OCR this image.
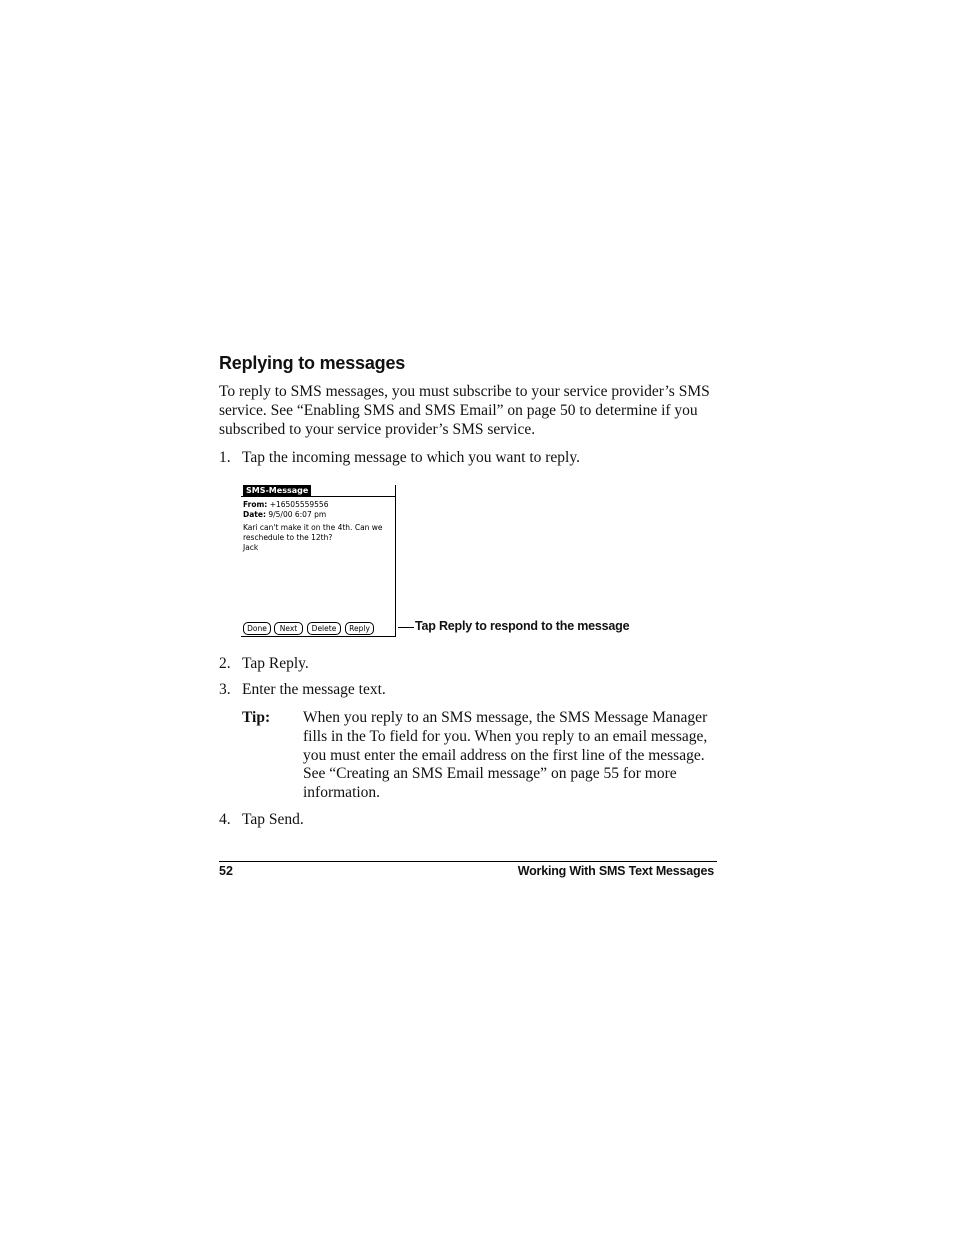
Replying to messages
To reply to SMS messages, you must subscribe to your service provider’s SMS service. See “Enabling SMS and SMS Email” on page 50 to determine if you subscribed to your service provider’s SMS service.
1. Tap the incoming message to which you want to reply.
SMS-Message
From: +16505559556
Date: 9/5/00 6:07 pm
Kari can't make it on the 4th. Can we
reschedule to the 12th?
Jack
Done	Next	Delete	Reply	Tap Reply to respond to the message
2. Tap Reply.
3. Enter the message text.
Tip: When you reply to an SMS message, the SMS Message Manager fills in the To field for you. When you reply to an email message, you must enter the email address on the first line of the message. See “Creating an SMS Email message” on page 55 for more information.
4. Tap Send.
52	Working With SMS Text Messages
